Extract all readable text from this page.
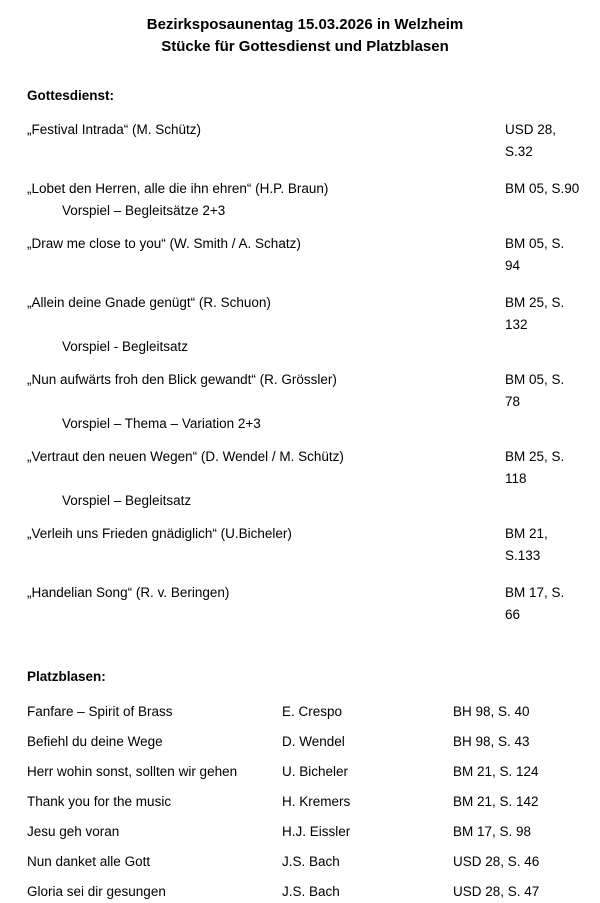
Bezirksposaunentag 15.03.2026 in Welzheim
Stücke für Gottesdienst und Platzblasen
Gottesdienst:
„Festival Intrada“ (M. Schütz)	USD 28, S.32
„Lobet den Herren, alle die ihn ehren“ (H.P. Braun)	BM 05, S.90
Vorspiel – Begleitsätze 2+3
„Draw me close to you“ (W. Smith / A. Schatz)	BM 05, S. 94
„Allein deine Gnade genügt“ (R. Schuon)	BM 25, S. 132
Vorspiel - Begleitsatz
„Nun aufwärts froh den Blick gewandt“ (R. Grössler)	BM 05, S. 78
Vorspiel – Thema – Variation 2+3
„Vertraut den neuen Wegen“ (D. Wendel / M. Schütz)	BM 25, S. 118
Vorspiel – Begleitsatz
„Verleih uns Frieden gnädiglich“ (U.Bicheler)	BM 21, S.133
„Handelian Song“ (R. v. Beringen)	BM 17, S. 66
Platzblasen:
Fanfare – Spirit of Brass	E. Crespo	BH 98, S. 40
Befiehl du deine Wege	D. Wendel	BH 98, S. 43
Herr wohin sonst, sollten wir gehen	U. Bicheler	BM 21, S. 124
Thank you for the music	H. Kremers	BM 21, S. 142
Jesu geh voran	H.J. Eissler	BM 17, S. 98
Nun danket alle Gott	J.S. Bach	USD 28, S. 46
Gloria sei dir gesungen	J.S. Bach	USD 28, S. 47
